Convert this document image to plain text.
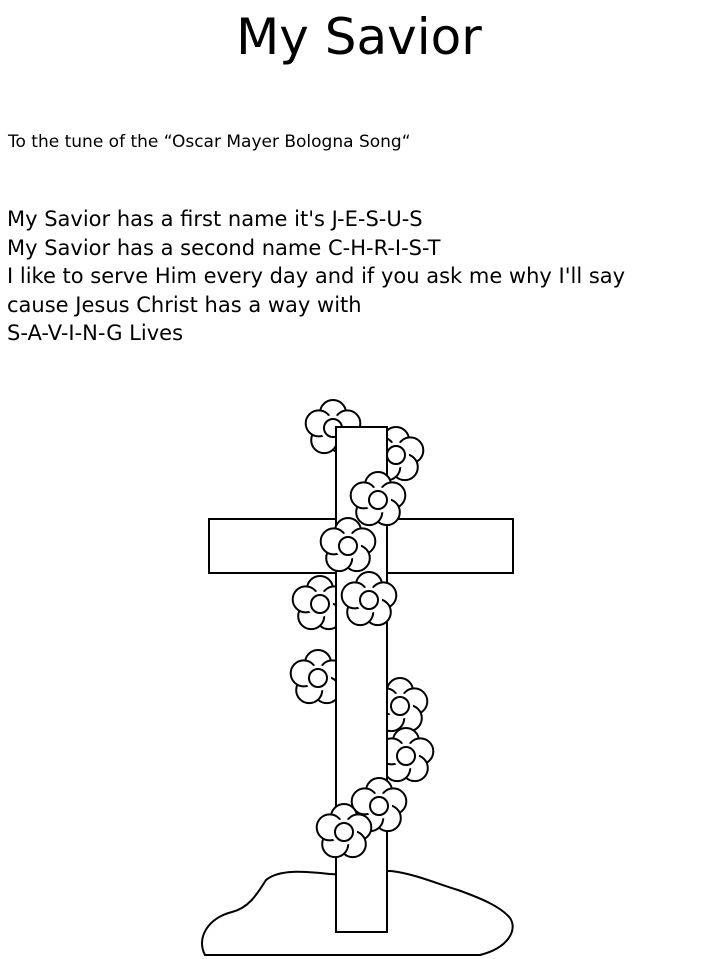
My Savior
To the tune of the “Oscar Mayer Bologna Song“
My Savior has a first name it's J-E-S-U-S
My Savior has a second name C-H-R-I-S-T
I like to serve Him every day and if you ask me why I'll say
cause Jesus Christ has a way with
S-A-V-I-N-G Lives
